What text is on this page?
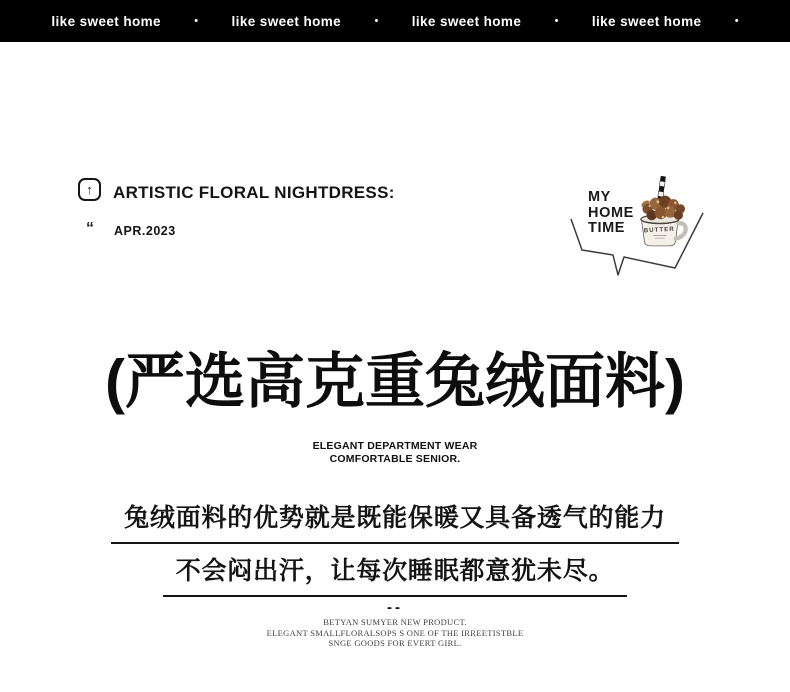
like sweet home	• like sweet home	• like sweet home	• like sweet home	•
↑ ARTISTIC FLORAL NIGHTDRESS:
“ APR.2023
MY
HOME
TIME	BUTTER
(严选高克重兔绒面料)
ELEGANT DEPARTMENT WEAR
COMFORTABLE SENIOR.
兔绒面料的优势就是既能保暖又具备透气的能力
不会闷出汗，让每次睡眠都意犹未尽。
--
BETYAN SUMYER NEW PRODUCT.
ELEGANT SMALLFLORALSOPS S ONE OF THE IRREETISTBLE
SNGE GOODS FOR EVERT GIRL.
